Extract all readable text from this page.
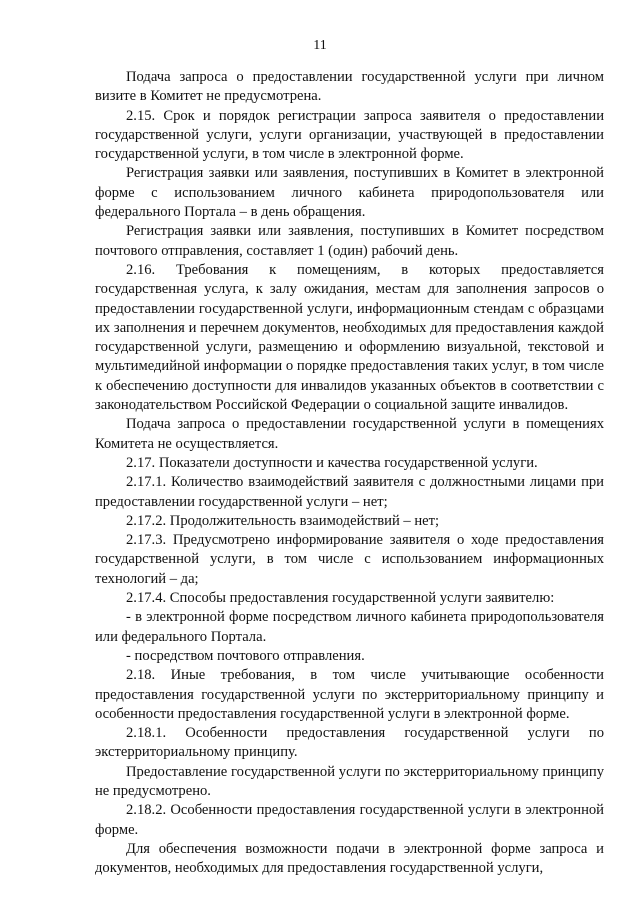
11

Подача запроса о предоставлении государственной услуги при личном визите в Комитет не предусмотрена.

2.15. Срок и порядок регистрации запроса заявителя о предоставлении государственной услуги, услуги организации, участвующей в предоставлении государственной услуги, в том числе в электронной форме.

Регистрация заявки или заявления, поступивших в Комитет в электронной форме с использованием личного кабинета природопользователя или федерального Портала – в день обращения.

Регистрация заявки или заявления, поступивших в Комитет посредством почтового отправления, составляет 1 (один) рабочий день.

2.16. Требования к помещениям, в которых предоставляется государственная услуга, к залу ожидания, местам для заполнения запросов о предоставлении государственной услуги, информационным стендам с образцами их заполнения и перечнем документов, необходимых для предоставления каждой государственной услуги, размещению и оформлению визуальной, текстовой и мультимедийной информации о порядке предоставления таких услуг, в том числе к обеспечению доступности для инвалидов указанных объектов в соответствии с законодательством Российской Федерации о социальной защите инвалидов.

Подача запроса о предоставлении государственной услуги в помещениях Комитета не осуществляется.

2.17. Показатели доступности и качества государственной услуги.

2.17.1. Количество взаимодействий заявителя с должностными лицами при предоставлении государственной услуги – нет;

2.17.2. Продолжительность взаимодействий – нет;

2.17.3. Предусмотрено информирование заявителя о ходе предоставления государственной услуги, в том числе с использованием информационных технологий – да;

2.17.4. Способы предоставления государственной услуги заявителю:

- в электронной форме посредством личного кабинета природопользователя или федерального Портала.

- посредством почтового отправления.

2.18. Иные требования, в том числе учитывающие особенности предоставления государственной услуги по экстерриториальному принципу и особенности предоставления государственной услуги в электронной форме.

2.18.1. Особенности предоставления государственной услуги по экстерриториальному принципу.

Предоставление государственной услуги по экстерриториальному принципу не предусмотрено.

2.18.2. Особенности предоставления государственной услуги в электронной форме.

Для обеспечения возможности подачи в электронной форме запроса и документов, необходимых для предоставления государственной услуги,
